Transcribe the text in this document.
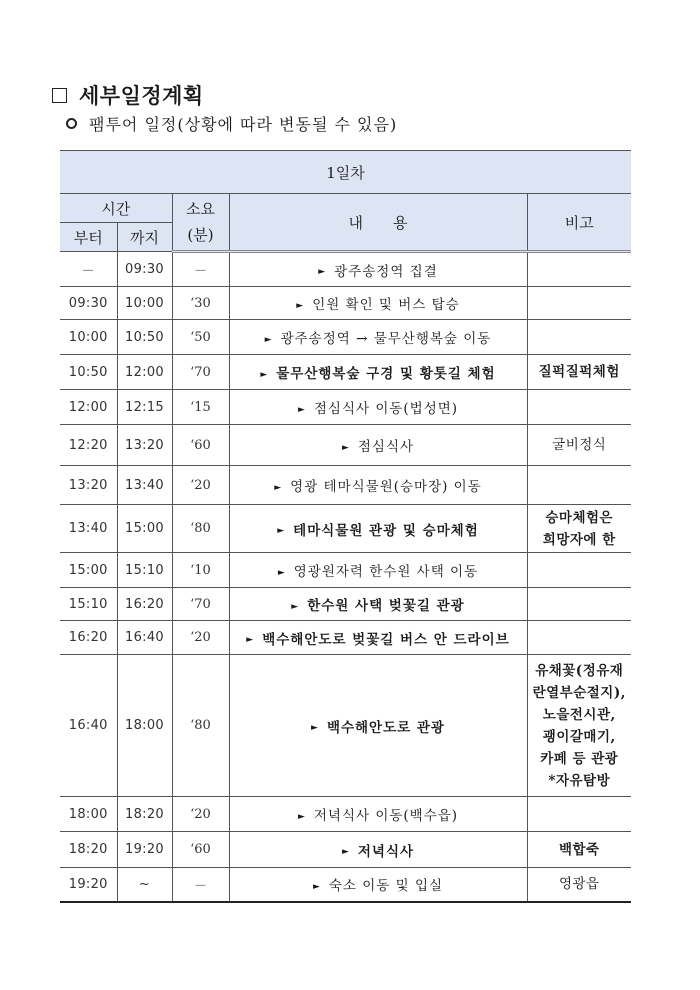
세부일정계획
팸투어 일정(상황에 따라 변동될 수 있음)
1일차				
시간		소요
(분)	내　　용	비고
부터	까지			
－	09:30	－	► 광주송정역 집결	
09:30	10:00	‘30	► 인원 확인 및 버스 탑승	
10:00	10:50	‘50	► 광주송정역 → 물무산행복숲 이동	
10:50	12:00	‘70	► 물무산행복숲 구경 및 황톳길 체험	질퍽질퍽체험
12:00	12:15	‘15	► 점심식사 이동(법성면)	
12:20	13:20	‘60	► 점심식사	굴비정식
13:20	13:40	‘20	► 영광 테마식물원(승마장) 이동	
13:40	15:00	‘80	► 테마식물원 관광 및 승마체험	승마체험은
희망자에 한
15:00	15:10	‘10	► 영광원자력 한수원 사택 이동	
15:10	16:20	‘70	► 한수원 사택 벚꽃길 관광	
16:20	16:40	‘20	► 백수해안도로 벚꽃길 버스 안 드라이브	
16:40	18:00	‘80	► 백수해안도로 관광	유채꽃(정유재
란열부순절지),
노을전시관,
괭이갈매기,
카페 등 관광
*자유탐방
18:00	18:20	‘20	► 저녁식사 이동(백수읍)	
18:20	19:20	‘60	► 저녁식사	백합죽
19:20	~	－	► 숙소 이동 및 입실	영광읍
